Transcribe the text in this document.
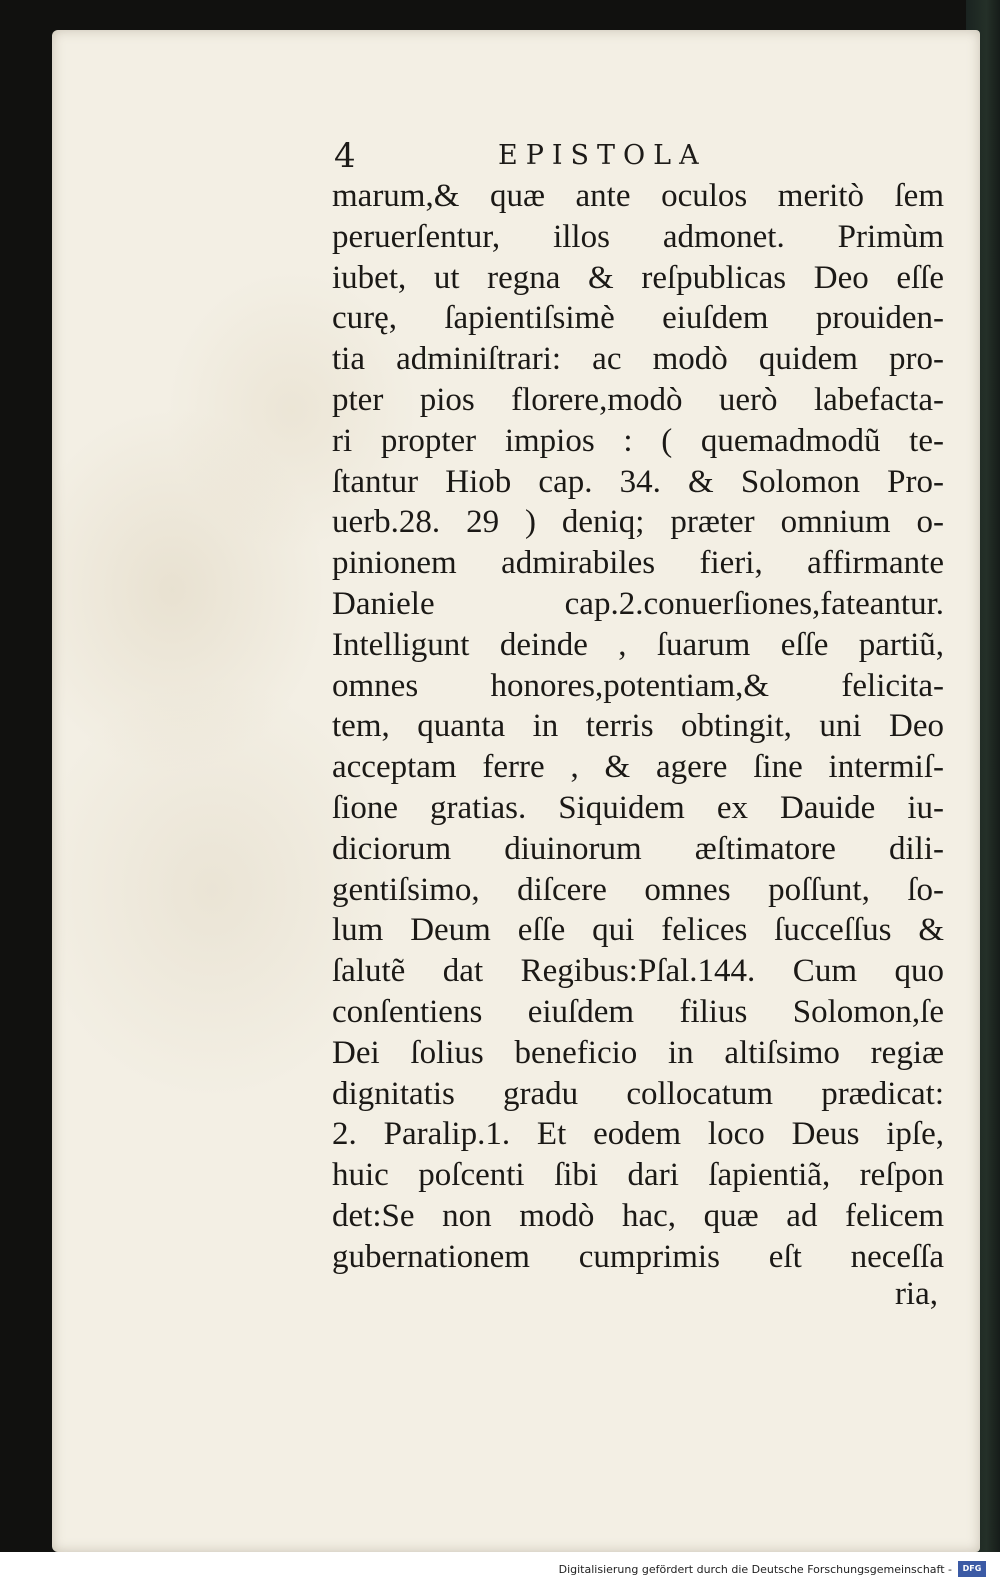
4	EPISTOLA
marum,& quæ ante oculos meritò ſem
peruerſentur, illos admonet. Primùm
iubet, ut regna & reſpublicas Deo eſſe
curę, ſapientiſsimè eiuſdem prouiden-
tia adminiſtrari: ac modò quidem pro-
pter pios florere,modò uerò labefacta-
ri propter impios : ( quemadmodũ te-
ſtantur Hiob cap. 34. & Solomon Pro-
uerb.28. 29 ) deniq; præter omnium o-
pinionem admirabiles fieri, affirmante
Daniele cap.2.conuerſiones,fateantur.
Intelligunt deinde , ſuarum eſſe partiũ,
omnes honores,potentiam,& felicita-
tem, quanta in terris obtingit, uni Deo
acceptam ferre , & agere ſine intermiſ-
ſione gratias. Siquidem ex Dauide iu-
diciorum diuinorum æſtimatore dili-
gentiſsimo, diſcere omnes poſſunt, ſo-
lum Deum eſſe qui felices ſucceſſus &
ſalutẽ dat Regibus:Pſal.144. Cum quo
conſentiens eiuſdem filius Solomon,ſe
Dei ſolius beneficio in altiſsimo regiæ
dignitatis gradu collocatum prædicat:
2. Paralip.1. Et eodem loco Deus ipſe,
huic poſcenti ſibi dari ſapientiã, reſpon
det:Se non modò hac, quæ ad felicem
gubernationem cumprimis eſt neceſſa
ria,
Digitalisierung gefördert durch die Deutsche Forschungsgemeinschaft -	DFG
